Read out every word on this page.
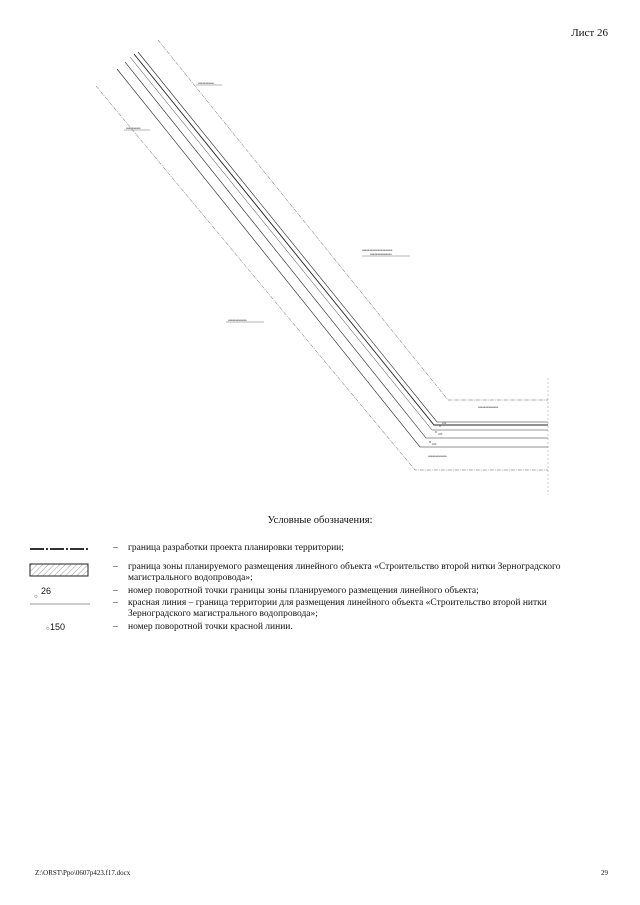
Лист 26
ааааааааааа
аааааааааа
ааааааааааааааааааааа
ааааааааааааааа
ааааааааааааа
аааааааааааааа
ааааааааааааа
224
223
222
Условные обозначения:
– граница разработки проекта планировки территории;
– граница зоны планируемого размещения линейного объекта «Строительство второй нитки Зерноградского магистрального водопровода»;
○
26	– номер поворотной точки границы зоны планируемого размещения линейного объекта;
– красная линия – граница территории для размещения линейного объекта «Строительство второй нитки Зерноградского магистрального водопровода»;
○ 150	– номер поворотной точки красной линии.
Z:\ORST\Ppo\0607p423.f17.docx	29
